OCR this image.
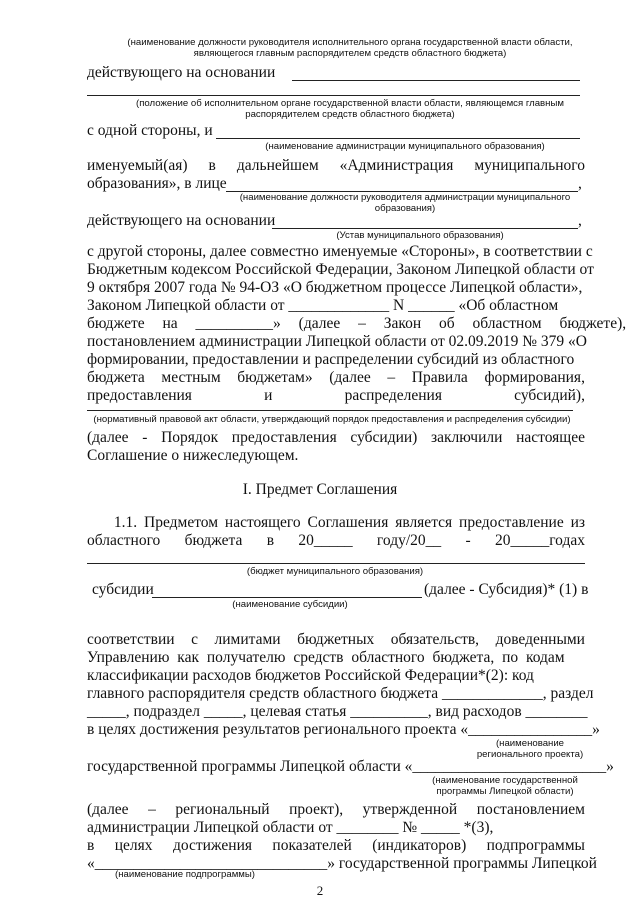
(наименование должности руководителя исполнительного органа государственной власти области,
являющегося главным распорядителем средств областного бюджета)
действующего на основании
(положение об исполнительном органе государственной власти области, являющемся главным
распорядителем средств областного бюджета)
с одной стороны, и
(наименование администрации муниципального образования)
именуемый(ая) в дальнейшем «Администрация муниципального
образования», в лице	,
(наименование должности руководителя администрации муниципального
образования)
действующего на основании	,
(Устав муниципального образования)
с другой стороны, далее совместно именуемые «Стороны», в соответствии с
Бюджетным кодексом Российской Федерации, Законом Липецкой области от
9 октября 2007 года № 94-ОЗ «О бюджетном процессе Липецкой области»,
Законом Липецкой области от _____________ N ______ «Об областном
бюджете на __________» (далее – Закон об областном бюджете),
постановлением администрации Липецкой области от 02.09.2019 № 379 «О
формировании, предоставлении и распределении субсидий из областного
бюджета местным бюджетам» (далее – Правила формирования,
предоставления	и	распределения	субсидий),
(нормативный правовой акт области, утверждающий порядок предоставления и распределения субсидии)
(далее - Порядок предоставления субсидии) заключили настоящее
Соглашение о нижеследующем.
I. Предмет Соглашения
1.1. Предметом настоящего Соглашения является предоставление из
областного бюджета в 20_____ году/20__ - 20_____годах
(бюджет муниципального образования)
субсидии	(далее - Субсидия)* (1) в
(наименование субсидии)
соответствии с лимитами бюджетных обязательств, доведенными
Управлению как получателю средств областного бюджета, по кодам
классификации расходов бюджетов Российской Федерации*(2): код
главного распорядителя средств областного бюджета _____________, раздел
_____, подраздел _____, целевая статья __________, вид расходов ________
в целях достижения результатов регионального проекта «________________»
(наименование
регионального проекта)
государственной программы Липецкой области «_________________________»
(наименование государственной
программы Липецкой области)
(далее – региональный проект), утвержденной постановлением
администрации Липецкой области от ________ № _____ *(3),
в целях достижения показателей (индикаторов) подпрограммы
«______________________________» государственной программы Липецкой
(наименование подпрограммы)
2
